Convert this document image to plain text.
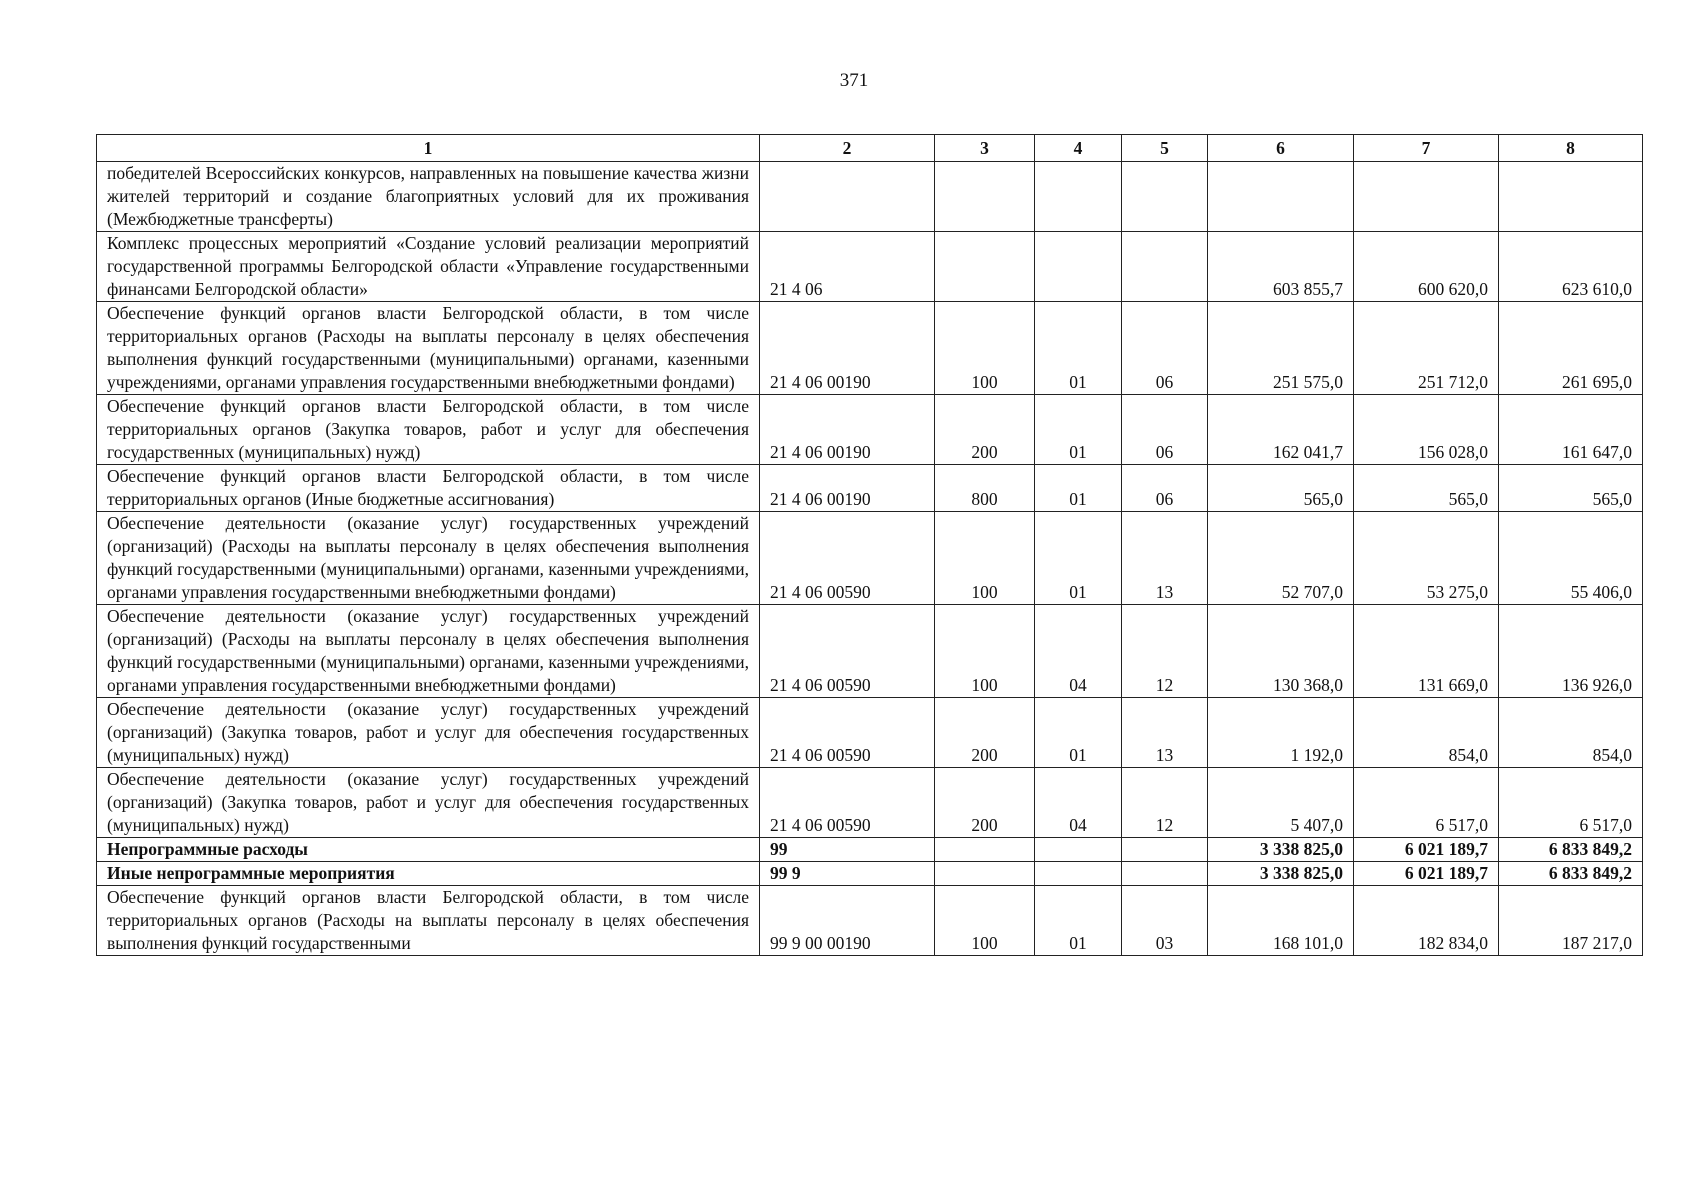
371
1	2	3	4	5	6	7	8
победителей Всероссийских конкурсов, направленных на повышение качества жизни жителей территорий и создание благоприятных условий для их проживания (Межбюджетные трансферты)							
Комплекс процессных мероприятий «Создание условий реализации мероприятий государственной программы Белгородской области «Управление государственными финансами Белгородской области»	21 4 06				603 855,7	600 620,0	623 610,0
Обеспечение функций органов власти Белгородской области, в том числе территориальных органов (Расходы на выплаты персоналу в целях обеспечения выполнения функций государственными (муниципальными) органами, казенными учреждениями, органами управления государственными внебюджетными фондами)	21 4 06 00190	100	01	06	251 575,0	251 712,0	261 695,0
Обеспечение функций органов власти Белгородской области, в том числе территориальных органов (Закупка товаров, работ и услуг для обеспечения государственных (муниципальных) нужд)	21 4 06 00190	200	01	06	162 041,7	156 028,0	161 647,0
Обеспечение функций органов власти Белгородской области, в том числе территориальных органов (Иные бюджетные ассигнования)	21 4 06 00190	800	01	06	565,0	565,0	565,0
Обеспечение деятельности (оказание услуг) государственных учреждений (организаций) (Расходы на выплаты персоналу в целях обеспечения выполнения функций государственными (муниципальными) органами, казенными учреждениями, органами управления государственными внебюджетными фондами)	21 4 06 00590	100	01	13	52 707,0	53 275,0	55 406,0
Обеспечение деятельности (оказание услуг) государственных учреждений (организаций) (Расходы на выплаты персоналу в целях обеспечения выполнения функций государственными (муниципальными) органами, казенными учреждениями, органами управления государственными внебюджетными фондами)	21 4 06 00590	100	04	12	130 368,0	131 669,0	136 926,0
Обеспечение деятельности (оказание услуг) государственных учреждений (организаций) (Закупка товаров, работ и услуг для обеспечения государственных (муниципальных) нужд)	21 4 06 00590	200	01	13	1 192,0	854,0	854,0
Обеспечение деятельности (оказание услуг) государственных учреждений (организаций) (Закупка товаров, работ и услуг для обеспечения государственных (муниципальных) нужд)	21 4 06 00590	200	04	12	5 407,0	6 517,0	6 517,0
Непрограммные расходы	99				3 338 825,0	6 021 189,7	6 833 849,2
Иные непрограммные мероприятия	99 9				3 338 825,0	6 021 189,7	6 833 849,2
Обеспечение функций органов власти Белгородской области, в том числе территориальных органов (Расходы на выплаты персоналу в целях обеспечения выполнения функций государственными	99 9 00 00190	100	01	03	168 101,0	182 834,0	187 217,0
